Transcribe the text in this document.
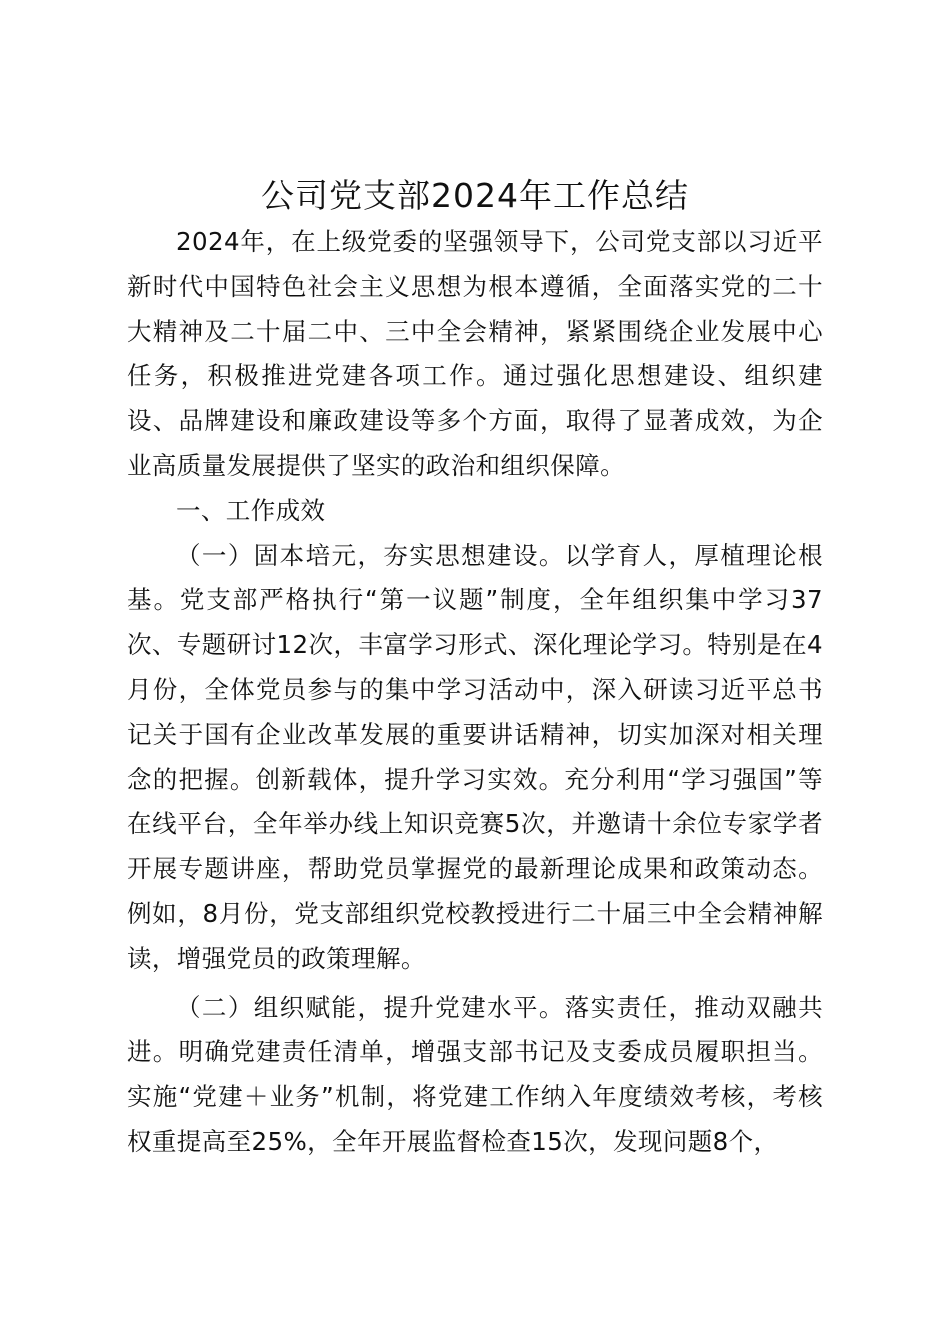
公司党支部2024年工作总结

2024年，在上级党委的坚强领导下，公司党支部以习近平新时代中国特色社会主义思想为根本遵循，全面落实党的二十大精神及二十届二中、三中全会精神，紧紧围绕企业发展中心任务，积极推进党建各项工作。通过强化思想建设、组织建设、品牌建设和廉政建设等多个方面，取得了显著成效，为企业高质量发展提供了坚实的政治和组织保障。

一、工作成效

（一）固本培元，夯实思想建设。以学育人，厚植理论根基。党支部严格执行“第一议题”制度，全年组织集中学习37次、专题研讨12次，丰富学习形式、深化理论学习。特别是在4月份，全体党员参与的集中学习活动中，深入研读习近平总书记关于国有企业改革发展的重要讲话精神，切实加深对相关理念的把握。创新载体，提升学习实效。充分利用“学习强国”等在线平台，全年举办线上知识竞赛5次，并邀请十余位专家学者开展专题讲座，帮助党员掌握党的最新理论成果和政策动态。例如，8月份，党支部组织党校教授进行二十届三中全会精神解读，增强党员的政策理解。

（二）组织赋能，提升党建水平。落实责任，推动双融共进。明确党建责任清单，增强支部书记及支委成员履职担当。实施“党建＋业务”机制，将党建工作纳入年度绩效考核，考核权重提高至25%，全年开展监督检查15次，发现问题8个，
